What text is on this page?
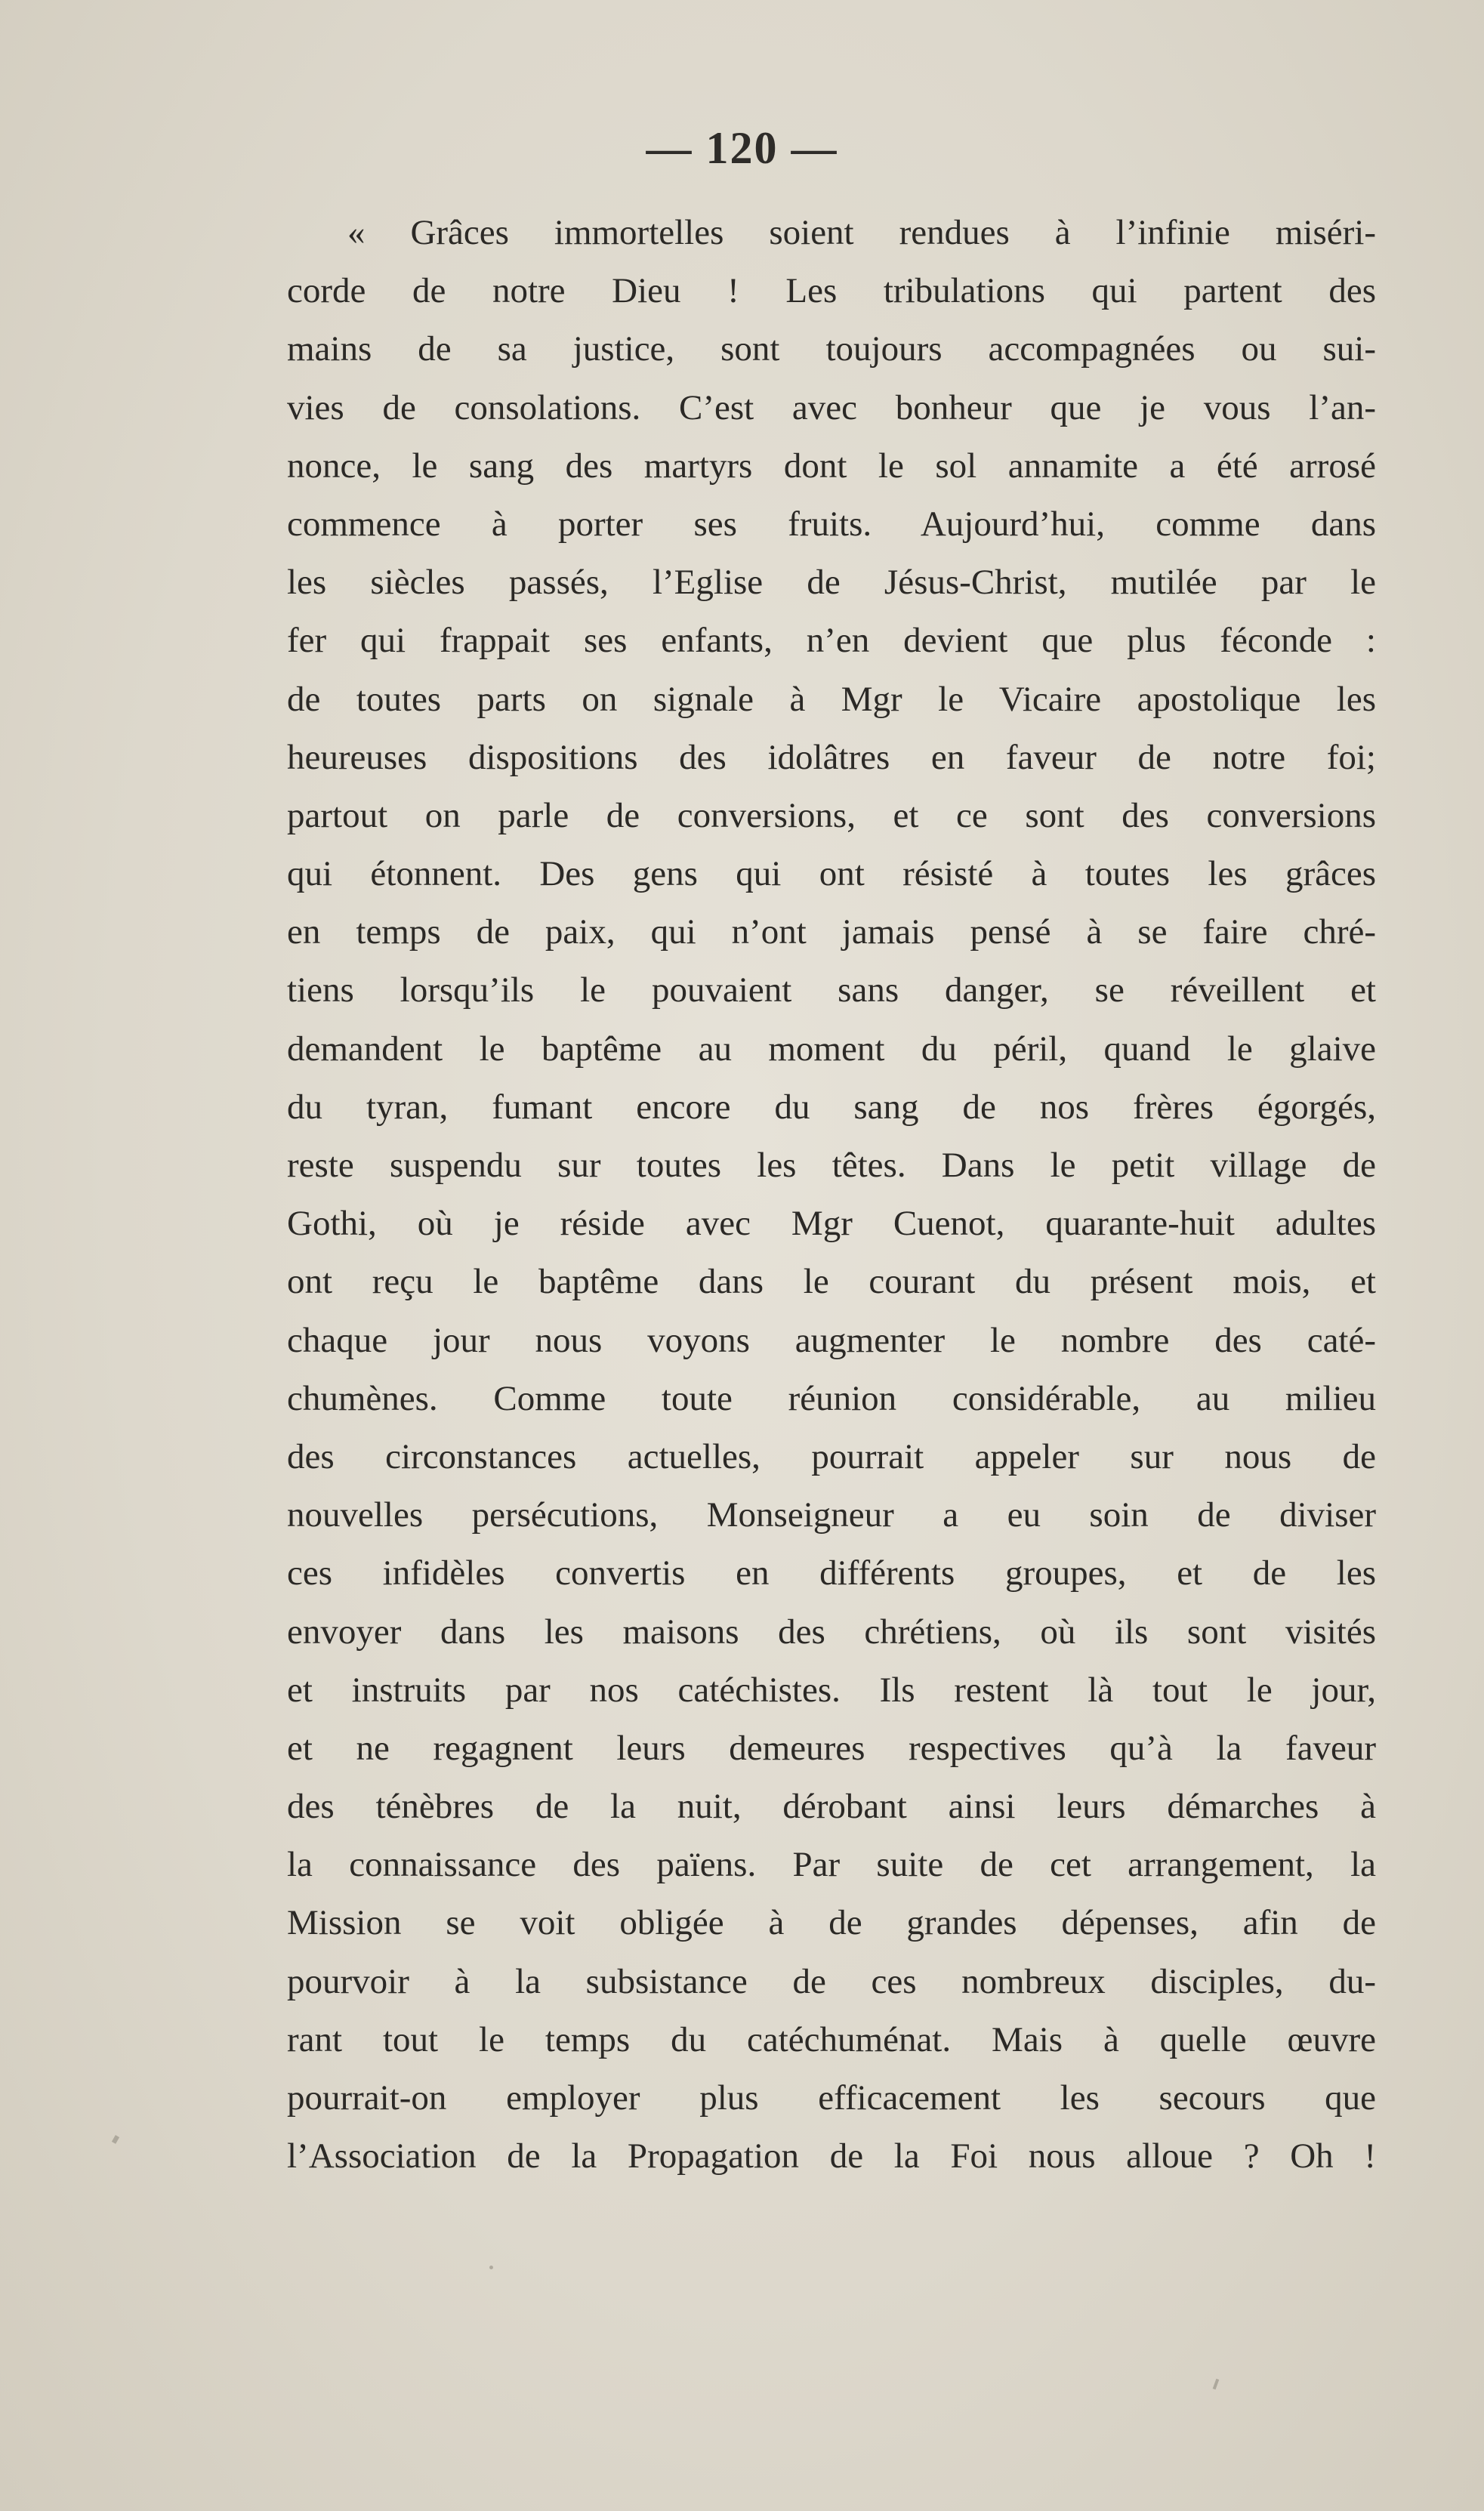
— 120 —
« Grâces immortelles soient rendues à l’infinie miséri-
corde de notre Dieu ! Les tribulations qui partent des
mains de sa justice, sont toujours accompagnées ou sui-
vies de consolations. C’est avec bonheur que je vous l’an-
nonce, le sang des martyrs dont le sol annamite a été arrosé
commence à porter ses fruits. Aujourd’hui, comme dans
les siècles passés, l’Eglise de Jésus-Christ, mutilée par le
fer qui frappait ses enfants, n’en devient que plus féconde :
de toutes parts on signale à Mgr le Vicaire apostolique les
heureuses dispositions des idolâtres en faveur de notre foi;
partout on parle de conversions, et ce sont des conversions
qui étonnent. Des gens qui ont résisté à toutes les grâces
en temps de paix, qui n’ont jamais pensé à se faire chré-
tiens lorsqu’ils le pouvaient sans danger, se réveillent et
demandent le baptême au moment du péril, quand le glaive
du tyran, fumant encore du sang de nos frères égorgés,
reste suspendu sur toutes les têtes. Dans le petit village de
Gothi, où je réside avec Mgr Cuenot, quarante-huit adultes
ont reçu le baptême dans le courant du présent mois, et
chaque jour nous voyons augmenter le nombre des caté-
chumènes. Comme toute réunion considérable, au milieu
des circonstances actuelles, pourrait appeler sur nous de
nouvelles persécutions, Monseigneur a eu soin de diviser
ces infidèles convertis en différents groupes, et de les
envoyer dans les maisons des chrétiens, où ils sont visités
et instruits par nos catéchistes. Ils restent là tout le jour,
et ne regagnent leurs demeures respectives qu’à la faveur
des ténèbres de la nuit, dérobant ainsi leurs démarches à
la connaissance des païens. Par suite de cet arrangement, la
Mission se voit obligée à de grandes dépenses, afin de
pourvoir à la subsistance de ces nombreux disciples, du-
rant tout le temps du catéchuménat. Mais à quelle œuvre
pourrait-on employer plus efficacement les secours que
l’Association de la Propagation de la Foi nous alloue ? Oh !
